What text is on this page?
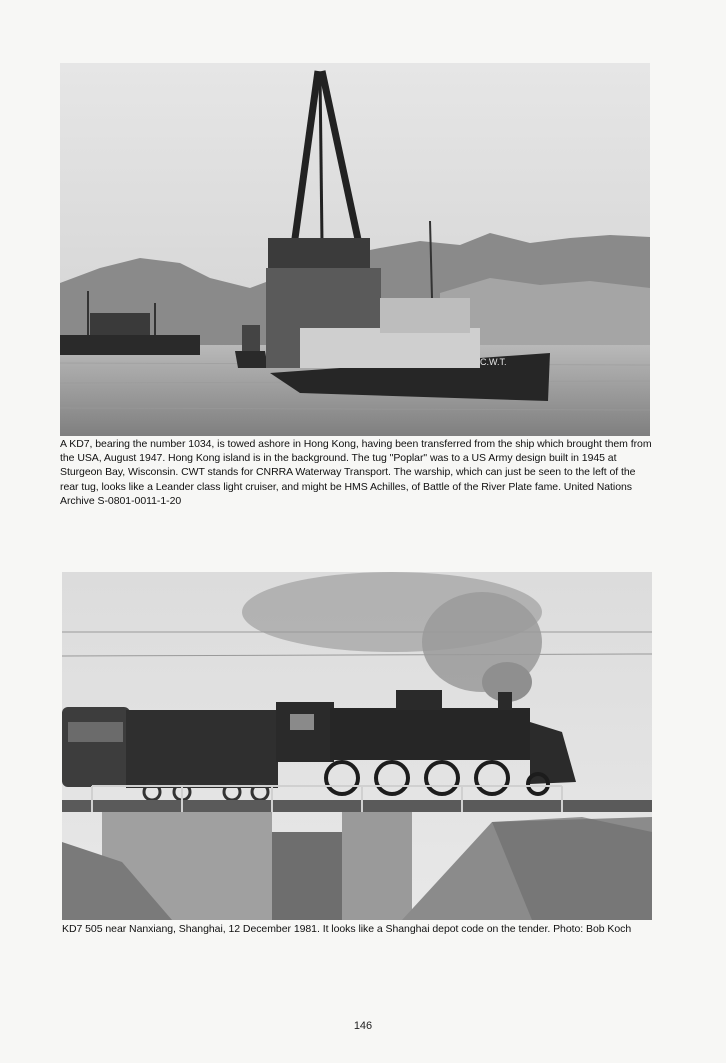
C.W.T.

A KD7, bearing the number 1034, is towed ashore in Hong Kong, having been transferred from the ship which brought them from the USA, August 1947. Hong Kong island is in the background. The tug "Poplar" was to a US Army design built in 1945 at Sturgeon Bay, Wisconsin. CWT stands for CNRRA Waterway Transport. The warship, which can just be seen to the left of the rear tug, looks like a Leander class light cruiser, and might be HMS Achilles, of Battle of the River Plate fame. United Nations Archive S-0801-0011-1-20

KD7 505 near Nanxiang, Shanghai, 12 December 1981. It looks like a Shanghai depot code on the tender. Photo: Bob Koch

146
